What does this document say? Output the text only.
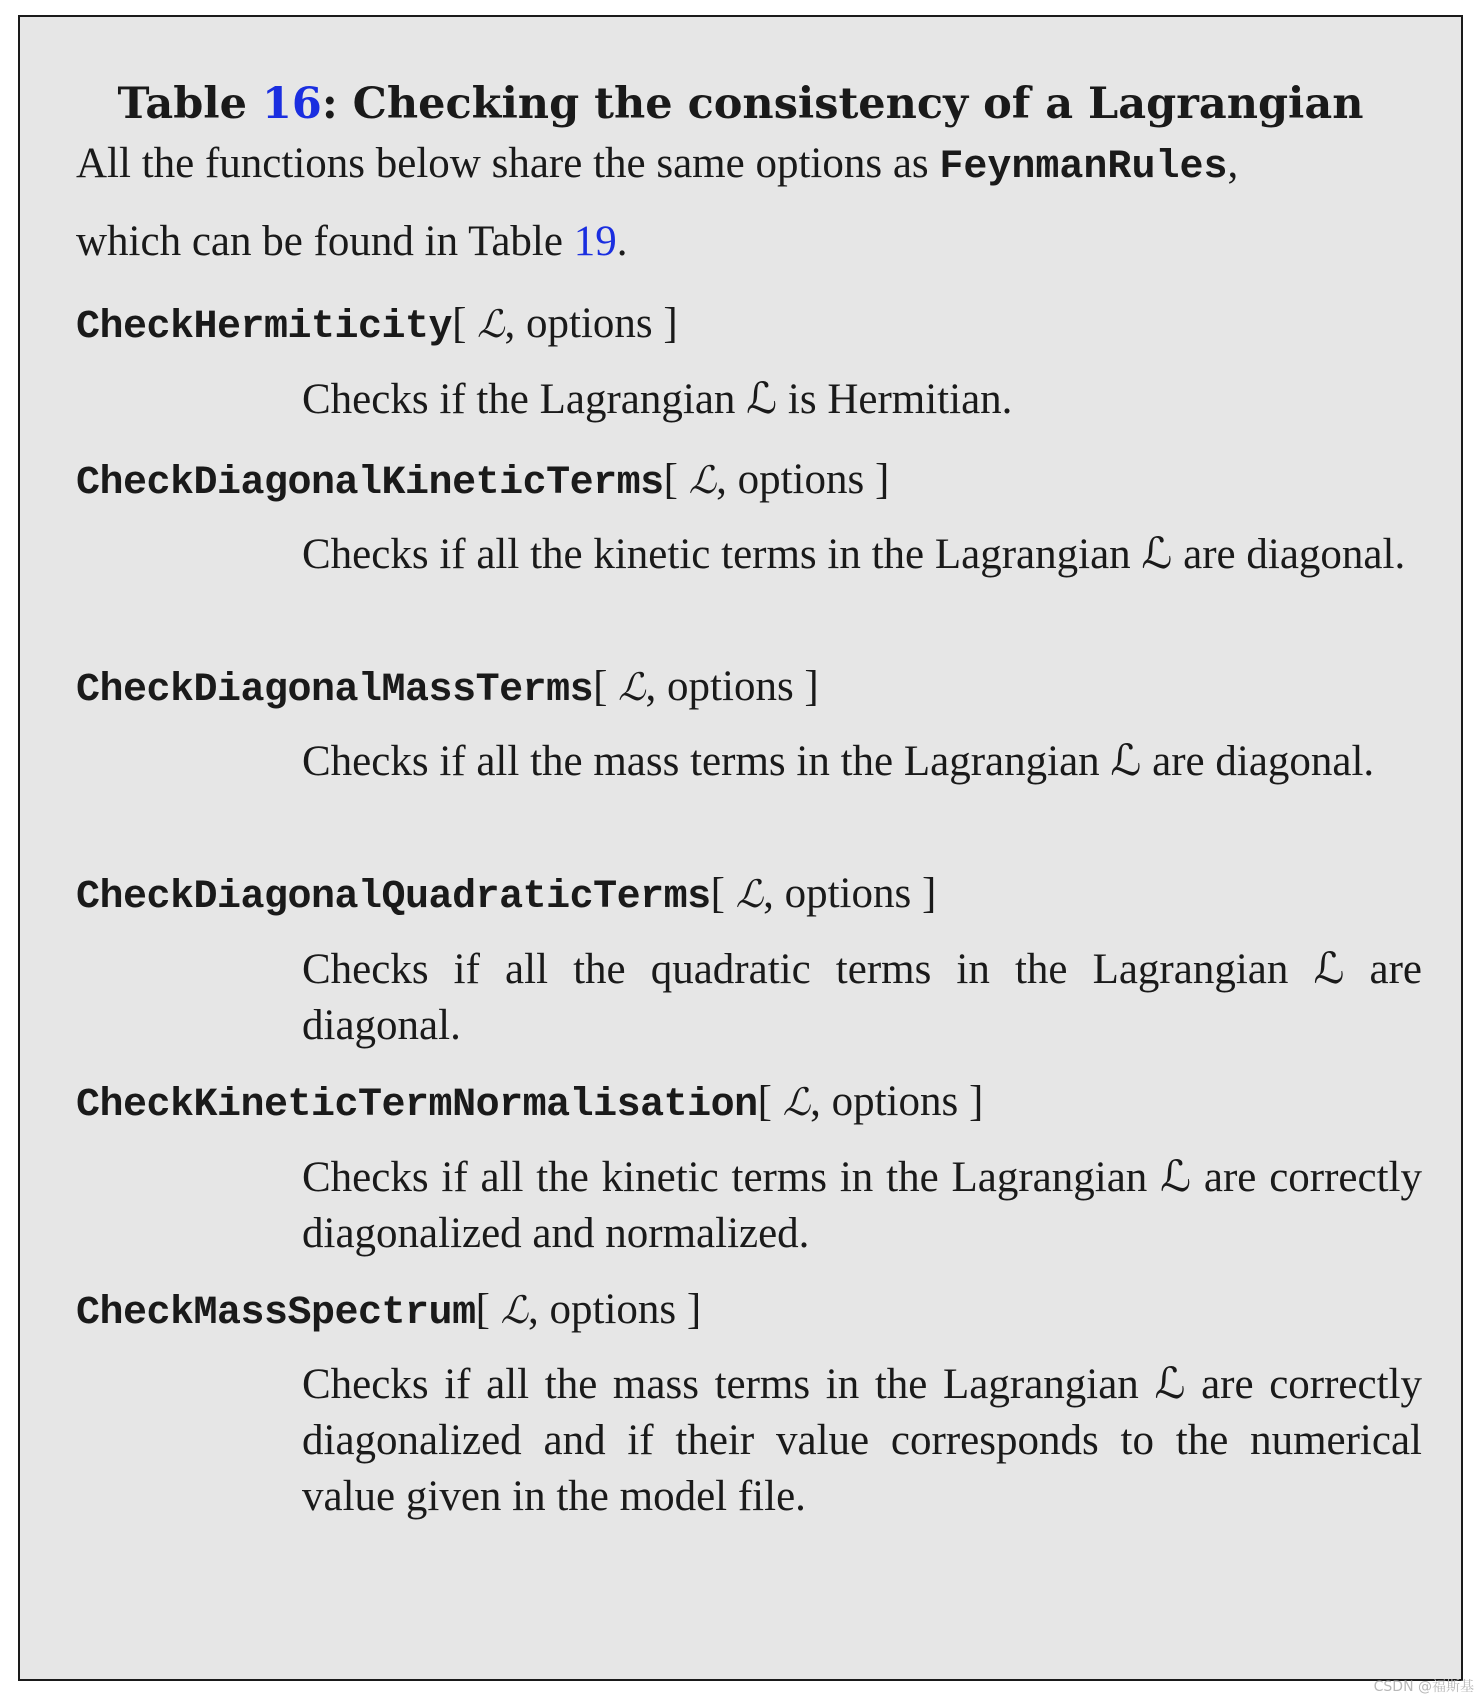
Table 16: Checking the consistency of a Lagrangian
All the functions below share the same options as FeynmanRules,
which can be found in Table 19.
CheckHermiticity[ ℒ, options ]
Checks if the Lagrangian ℒ is Hermitian.
CheckDiagonalKineticTerms[ ℒ, options ]
Checks if all the kinetic terms in the Lagrangian ℒ are diagonal.
CheckDiagonalMassTerms[ ℒ, options ]
Checks if all the mass terms in the Lagrangian ℒ are diagonal.
CheckDiagonalQuadraticTerms[ ℒ, options ]
Checks if all the quadratic terms in the Lagrangian ℒ are diagonal.
CheckKineticTermNormalisation[ ℒ, options ]
Checks if all the kinetic terms in the Lagrangian ℒ are correctly diagonalized and normalized.
CheckMassSpectrum[ ℒ, options ]
Checks if all the mass terms in the Lagrangian ℒ are correctly diagonalized and if their value corresponds to the numerical value given in the model file.
CSDN @福斯基
